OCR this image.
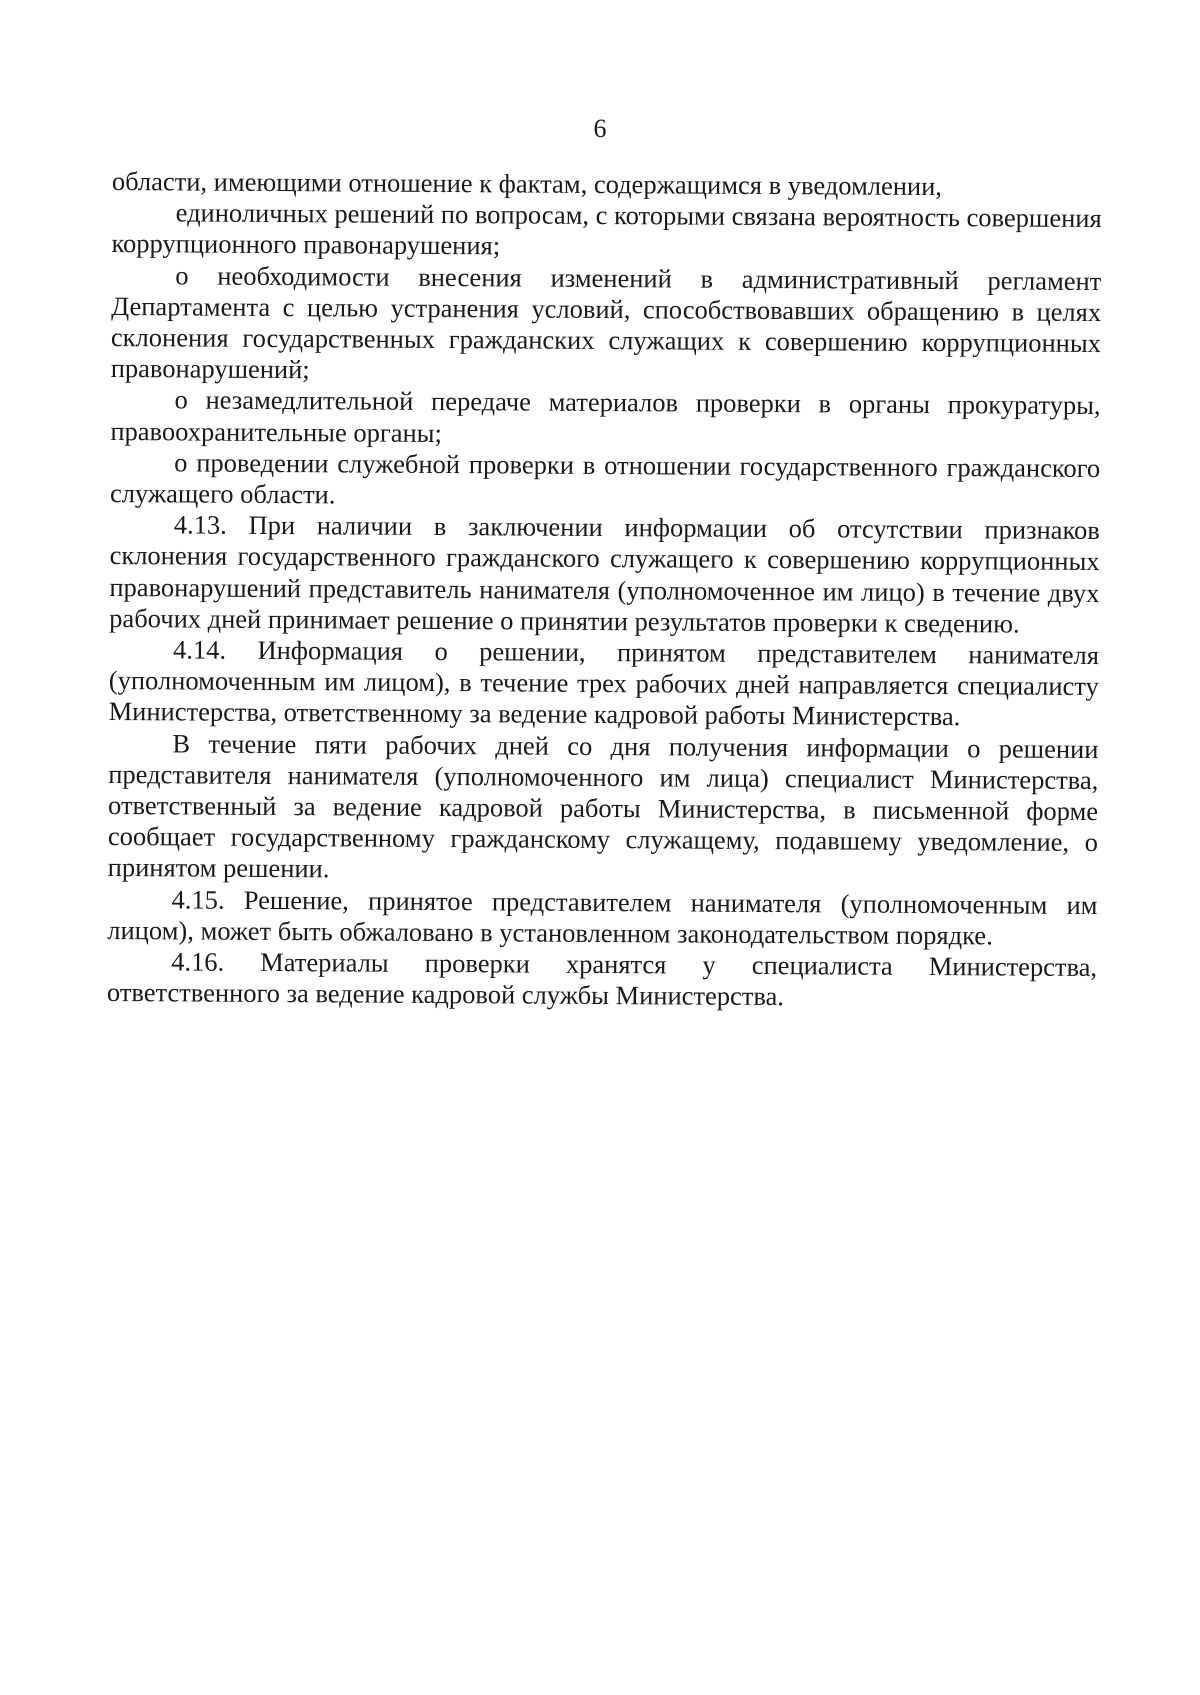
6

области, имеющими отношение к фактам, содержащимся в уведомлении,

единоличных решений по вопросам, с которыми связана вероятность совершения коррупционного правонарушения;

о необходимости внесения изменений в административный регламент Департамента с целью устранения условий, способствовавших обращению в целях склонения государственных гражданских служащих к совершению коррупционных правонарушений;

о незамедлительной передаче материалов проверки в органы прокуратуры, правоохранительные органы;

о проведении служебной проверки в отношении государственного гражданского служащего области.

4.13. При наличии в заключении информации об отсутствии признаков склонения государственного гражданского служащего к совершению коррупционных правонарушений представитель нанимателя (уполномоченное им лицо) в течение двух рабочих дней принимает решение о принятии результатов проверки к сведению.

4.14. Информация о решении, принятом представителем нанимателя (уполномоченным им лицом), в течение трех рабочих дней направляется специалисту Министерства, ответственному за ведение кадровой работы Министерства.

В течение пяти рабочих дней со дня получения информации о решении представителя нанимателя (уполномоченного им лица) специалист Министерства, ответственный за ведение кадровой работы Министерства, в письменной форме сообщает государственному гражданскому служащему, подавшему уведомление, о принятом решении.

4.15. Решение, принятое представителем нанимателя (уполномоченным им лицом), может быть обжаловано в установленном законодательством порядке.

4.16. Материалы проверки хранятся у специалиста Министерства, ответственного за ведение кадровой службы Министерства.
